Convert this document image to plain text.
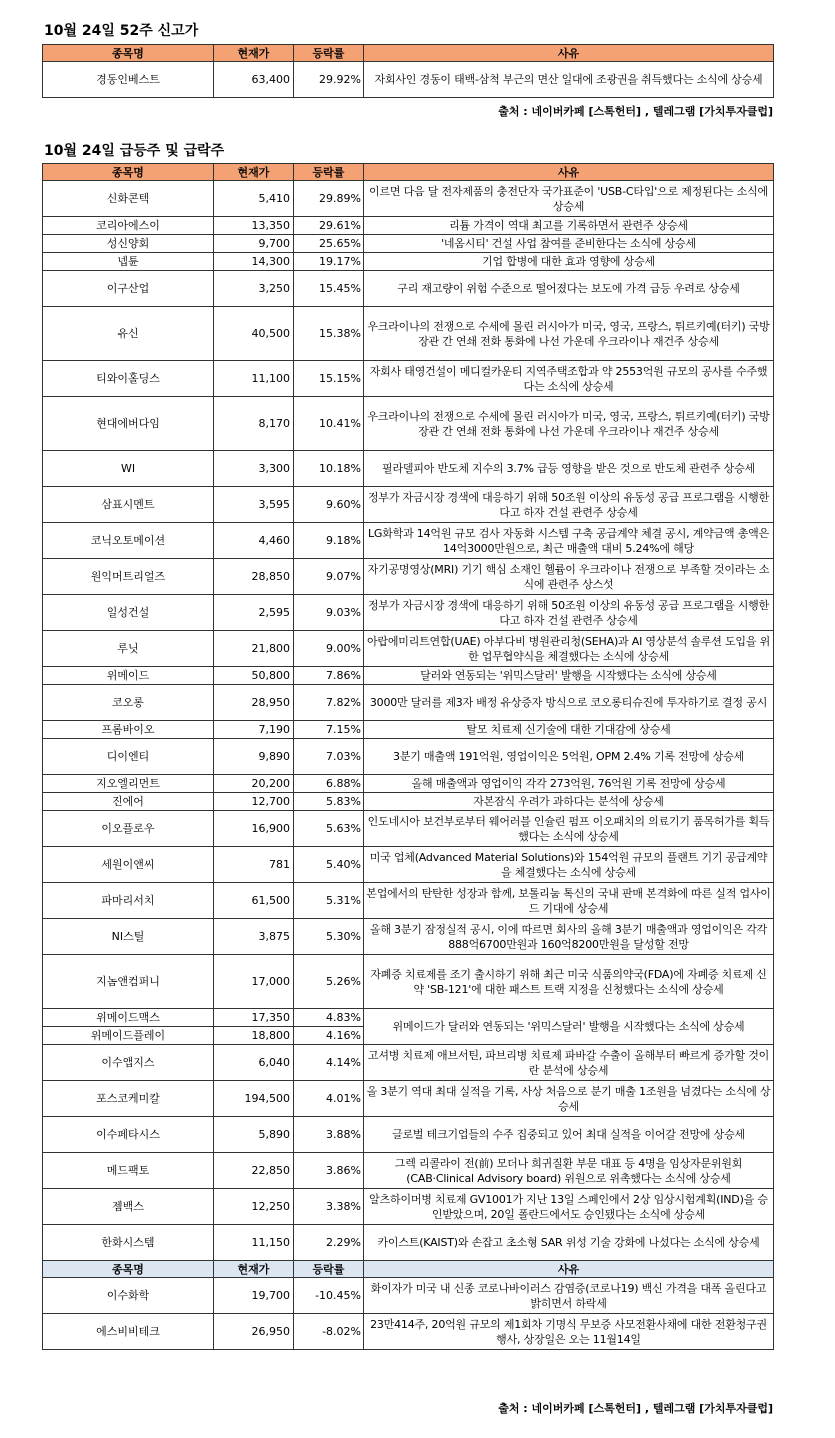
10월 24일 52주 신고가
종목명	현재가	등락률	사유
경동인베스트	63,400	29.92%	자회사인 경동이 태백-삼척 부근의 면산 일대에 조광권을 취득했다는 소식에 상승세
출처 : 네이버카페 [스톡헌터] , 텔레그램 [가치투자클럽]
10월 24일 급등주 및 급락주
종목명	현재가	등락률	사유
신화콘텍	5,410	29.89%	이르면 다음 달 전자제품의 충전단자 국가표준이 'USB-C타입'으로 제정된다는 소식에 상승세
코리아에스이	13,350	29.61%	리튬 가격이 역대 최고를 기록하면서 관련주 상승세
성신양회	9,700	25.65%	'네옴시티' 건설 사업 참여를 준비한다는 소식에 상승세
넵튠	14,300	19.17%	기업 합병에 대한 효과 영향에 상승세
이구산업	3,250	15.45%	구리 재고량이 위험 수준으로 떨어졌다는 보도에 가격 급등 우려로 상승세
유신	40,500	15.38%	우크라이나의 전쟁으로 수세에 몰린 러시아가 미국, 영국, 프랑스, 튀르키예(터키) 국방장관 간 연쇄 전화 통화에 나선 가운데 우크라이나 재건주 상승세
티와이홀딩스	11,100	15.15%	자회사 태영건설이 메디컬카운티 지역주택조합과 약 2553억원 규모의 공사를 수주했다는 소식에 상승세
현대에버다임	8,170	10.41%	우크라이나의 전쟁으로 수세에 몰린 러시아가 미국, 영국, 프랑스, 튀르키예(터키) 국방장관 간 연쇄 전화 통화에 나선 가운데 우크라이나 재건주 상승세
WI	3,300	10.18%	필라델피아 반도체 지수의 3.7% 급등 영향을 받은 것으로 반도체 관련주 상승세
삼표시멘트	3,595	9.60%	정부가 자금시장 경색에 대응하기 위해 50조원 이상의 유동성 공급 프로그램을 시행한다고 하자 건설 관련주 상승세
코닉오토메이션	4,460	9.18%	LG화학과 14억원 규모 검사 자동화 시스템 구축 공급계약 체결 공시, 계약금액 총액은 14억3000만원으로, 최근 매출액 대비 5.24%에 해당
원익머트리얼즈	28,850	9.07%	자기공명영상(MRI) 기기 핵심 소재인 헬륨이 우크라이나 전쟁으로 부족할 것이라는 소식에 관련주 상스섯
일성건설	2,595	9.03%	정부가 자금시장 경색에 대응하기 위해 50조원 이상의 유동성 공급 프로그램을 시행한다고 하자 건설 관련주 상승세
루닛	21,800	9.00%	아랍에미리트연합(UAE) 아부다비 병원관리청(SEHA)과 AI 영상분석 솔루션 도입을 위한 업무협약식을 체결했다는 소식에 상승세
위메이드	50,800	7.86%	달러와 연동되는 '위믹스달러' 발행을 시작했다는 소식에 상승세
코오롱	28,950	7.82%	3000만 달러를 제3자 배정 유상증자 방식으로 코오롱티슈진에 투자하기로 결정 공시
프롬바이오	7,190	7.15%	탈모 치료제 신기술에 대한 기대감에 상승세
디이엔티	9,890	7.03%	3분기 매출액 191억원, 영업이익은 5억원, OPM 2.4% 기록 전망에 상승세
지오엘리먼트	20,200	6.88%	올해 매출액과 영업이익 각각 273억원, 76억원 기록 전망에 상승세
진에어	12,700	5.83%	자본잠식 우려가 과하다는 분석에 상승세
이오플로우	16,900	5.63%	인도네시아 보건부로부터 웨어러블 인슐린 펌프 이오패치의 의료기기 품목허가를 획득했다는 소식에 상승세
세원이앤씨	781	5.40%	미국 업체(Advanced Material Solutions)와 154억원 규모의 플랜트 기기 공급계약을 체결했다는 소식에 상승세
파마리서치	61,500	5.31%	본업에서의 탄탄한 성장과 함께, 보톨리눔 톡신의 국내 판매 본격화에 따른 실적 업사이드 기대에 상승세
NI스틸	3,875	5.30%	올해 3분기 잠정실적 공시, 이에 따르면 회사의 올해 3분기 매출액과 영업이익은 각각 888억6700만원과 160억8200만원을 달성할 전망
지놈앤컴퍼니	17,000	5.26%	자폐증 치료제를 조기 출시하기 위해 최근 미국 식품의약국(FDA)에 자폐증 치료제 신약 'SB-121'에 대한 패스트 트랙 지정을 신청했다는 소식에 상승세
위메이드맥스	17,350	4.83%	위메이드가 달러와 연동되는 '위믹스달러' 발행을 시작했다는 소식에 상승세
위메이드플레이	18,800	4.16%	
이수앱지스	6,040	4.14%	고셔병 치료제 애브서틴, 파브리병 치료제 파바갈 수출이 올해부터 빠르게 증가할 것이란 분석에 상승세
포스코케미칼	194,500	4.01%	올 3분기 역대 최대 실적을 기록, 사상 처음으로 분기 매출 1조원을 넘겼다는 소식에 상승세
이수페타시스	5,890	3.88%	글로벌 테크기업들의 수주 집중되고 있어 최대 실적을 이어갈 전망에 상승세
메드팩토	22,850	3.86%	그렉 리콜라이 전(前) 모더나 희귀질환 부문 대표 등 4명을 임상자문위원회(CAB·Clinical Advisory board) 위원으로 위촉했다는 소식에 상승세
젬백스	12,250	3.38%	알츠하이머병 치료제 GV1001가 지난 13일 스페인에서 2상 임상시험계획(IND)을 승인받았으며, 20일 폴란드에서도 승인됐다는 소식에 상승세
한화시스템	11,150	2.29%	카이스트(KAIST)와 손잡고 초소형 SAR 위성 기술 강화에 나섰다는 소식에 상승세
종목명	현재가	등락률	사유
이수화학	19,700	-10.45%	화이자가 미국 내 신종 코로나바이러스 감염증(코로나19) 백신 가격을 대폭 올린다고 밝히면서 하락세
에스비비테크	26,950	-8.02%	23만414주, 20억원 규모의 제1회차 기명식 무보증 사모전환사채에 대한 전환청구권 행사, 상장일은 오는 11월14일
출처 : 네이버카페 [스톡헌터] , 텔레그램 [가치투자클럽]
